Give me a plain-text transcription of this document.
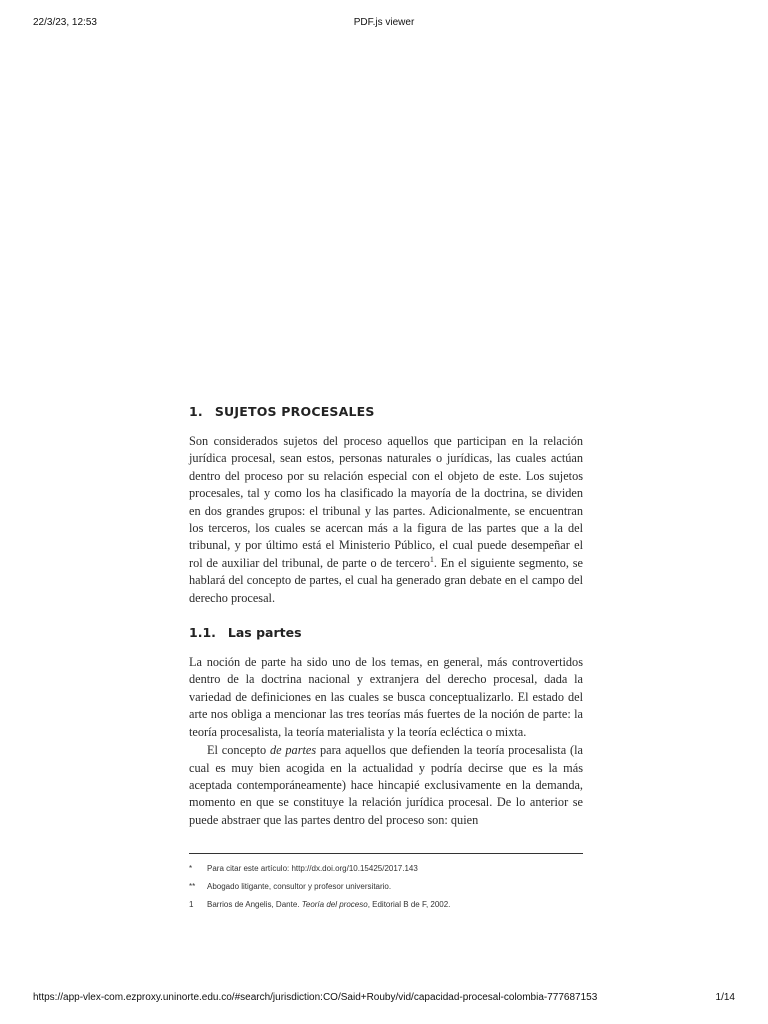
22/3/23, 12:53	PDF.js viewer
1. SUJETOS PROCESALES

Son considerados sujetos del proceso aquellos que participan en la relación jurídica procesal, sean estos, personas naturales o jurídicas, las cuales actúan dentro del proceso por su relación especial con el objeto de este. Los sujetos procesales, tal y como los ha clasificado la mayoría de la doctrina, se dividen en dos grandes grupos: el tribunal y las partes. Adicionalmente, se encuentran los terceros, los cuales se acercan más a la figura de las partes que a la del tribunal, y por último está el Ministerio Público, el cual puede desempeñar el rol de auxiliar del tribunal, de parte o de tercero$^1$. En el siguiente segmento, se hablará del concepto de partes, el cual ha generado gran debate en el campo del derecho procesal.

1.1. Las partes

La noción de parte ha sido uno de los temas, en general, más controvertidos dentro de la doctrina nacional y extranjera del derecho procesal, dada la variedad de definiciones en las cuales se busca conceptualizarlo. El estado del arte nos obliga a mencionar las tres teorías más fuertes de la noción de parte: la teoría procesalista, la teoría materialista y la teoría ecléctica o mixta.

El concepto de partes para aquellos que defienden la teoría procesalista (la cual es muy bien acogida en la actualidad y podría decirse que es la más aceptada contemporáneamente) hace hincapié exclusivamente en la demanda, momento en que se constituye la relación jurídica procesal. De lo anterior se puede abstraer que las partes dentro del proceso son: quien

*	Para citar este artículo: http://dx.doi.org/10.15425/2017.143
**	Abogado litigante, consultor y profesor universitario.
1	Barrios de Angelis, Dante. Teoría del proceso, Editorial B de F, 2002.
https://app-vlex-com.ezproxy.uninorte.edu.co/#search/jurisdiction:CO/Said+Rouby/vid/capacidad-procesal-colombia-777687153	1/14
